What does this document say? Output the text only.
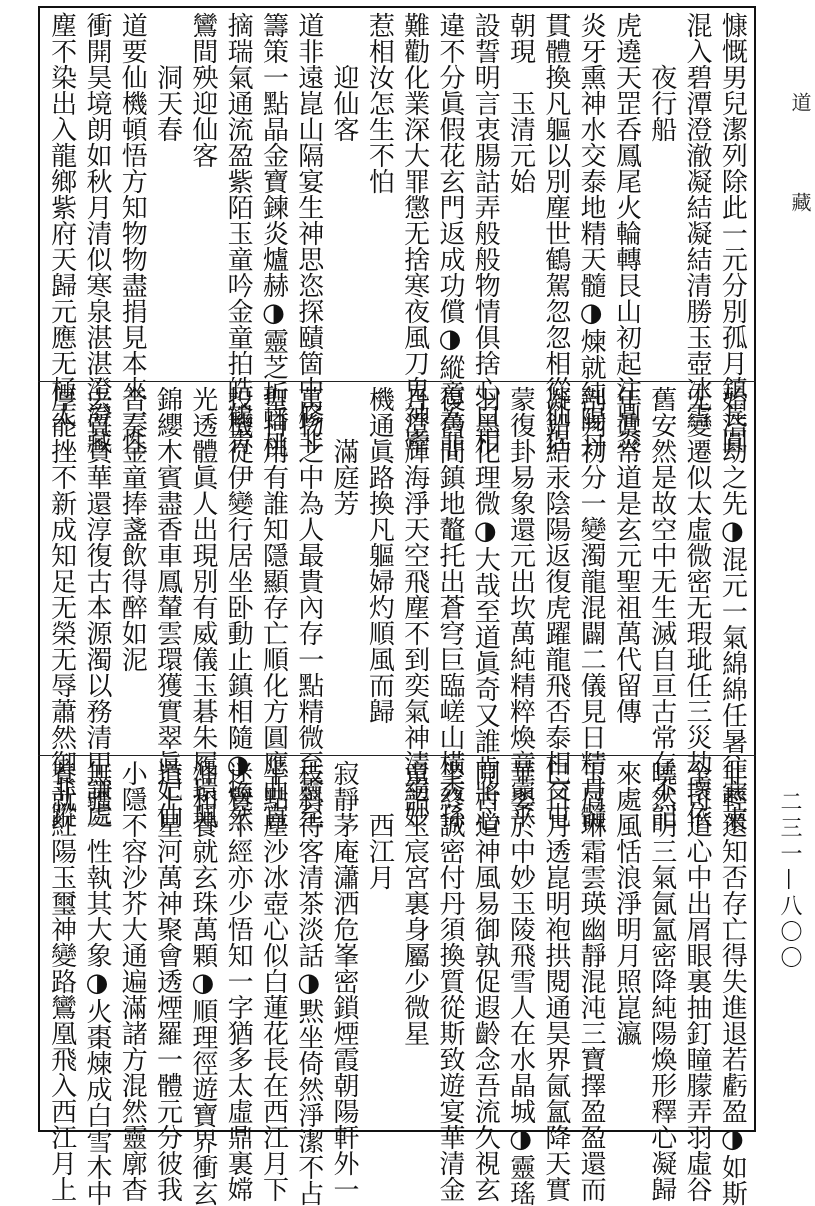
道
藏
二三一—八〇〇
慷慨男兒潔列除此一元分別孤月鎮長圓
混入碧潭澄澈凝結凝結清勝玉壺冰雪
　　夜行船
虎遶天罡呑鳳尾火輪轉艮山初起注鼎炎
炎牙熏神水交泰地精天髓◑煉就純陽丹
貫體換凡軀以別塵世鶴駕忽忽相從仙侶
朝現　玉清元始
設誓明言衷腸詁弄般般物情俱捨心口相
違不分眞假花玄門返成功償◑縱意為非
難勸化業深大罪懲无捨寒夜風刀鬼神牽
惹相汝怎生不怕
　　迎仙客
道非遠崑山隔宴生神思恣探賾箇中修非
籌策一點晶金寶鍊炎爐赫◑靈芝折蟠桃
摘瑞氣通流盈紫陌玉童吟金童拍皓鶴青
鸞間殃迎仙客
　　洞天春
道要仙機頓悟方知物物盡捐見本來一性
衝開昊境朗如秋月清似寒泉湛湛澄澄藏
塵不染出入龍鄉紫府天歸元應无極太
始浩劫之先◑混元一氣綿綿任暑往寒來
无變遷似太虛微密无瑕玼任三災劫壞依
舊安然是故空中无生滅自亘古常存不記
年眞常道是玄元聖祖萬代留傳
剖判初分一變濁龍混闢二儀見日精月髓
凝鉛結汞陰陽返復虎躍龍飛否泰相交屯
蒙復卦易象還元出坎萬純精粹煥章蒙平
羽墨化理微◑大哉至道眞奇又誰肯將心
復舊間鎮地鼇托出蒼穹巨臨嵯山橫秀孫
月澄輝海淨天空飛塵不到奕氣神清絕妙
機通眞路換凡軀婦灼順風而歸
　　滿庭芳
萬物之中為人最貴內存一點精微至靈至
聖日用有誰知隱顯存亡順化方圓應曲直
投機從伊變行居坐卧動止鎮相隨◑煥然
光透體眞人出現別有威儀玉碁朱履環珮
錦纓木賓盡香車鳳輦雲環獲實翠眞妃仙
音奏金童捧盞飲得醉如泥
去質貪華還淳復古本源濁以務清甲謙處
厚能挫不新成知足无榮无辱蕭然御非蹤
非輕還知否存亡得失進退若虧盈◑如斯
全可道心中出屑眼裏抽釘瞳朦弄羽虛谷
曉然明三氣氤氳密降純陽煥形釋心凝歸
來處風恬浪淨明月照崑瀛
玉屑琳霜雲瑛幽靜混沌三寶擇盈盈還而
巳日月透崑明袍拱閱通昊界氤氳降天實
華嬰於中妙玉陵飛雪人在水晶城◑靈瑤
開古道神風易御孰促遐齡念吾流久視玄
坐終誠密付丹須換質從斯致遊宴華清金
童詔玉宸宮裏身屬少微星
　　西江月
寂靜茅庵瀟洒危峯密鎖煙霞朝陽軒外一
枝斜待客清茶淡話◑黙坐倚然淨潔不占
半點塵沙冰壺心似白蓮花長在西江月下
迷覽千經亦少悟知一字猶多太虛鼎裏嫦
沖和養就玄珠萬顆◑順理徑遊寶界衝玄
道上星河萬神聚會透煙羅一體元分彼我
小隱不容沙芥大通遍滿諸方混然靈廓杳
無疆一性執其大象◑火棗煉成白雪木中
養就紅陽玉璽神變路鸞凰飛入西江月上
